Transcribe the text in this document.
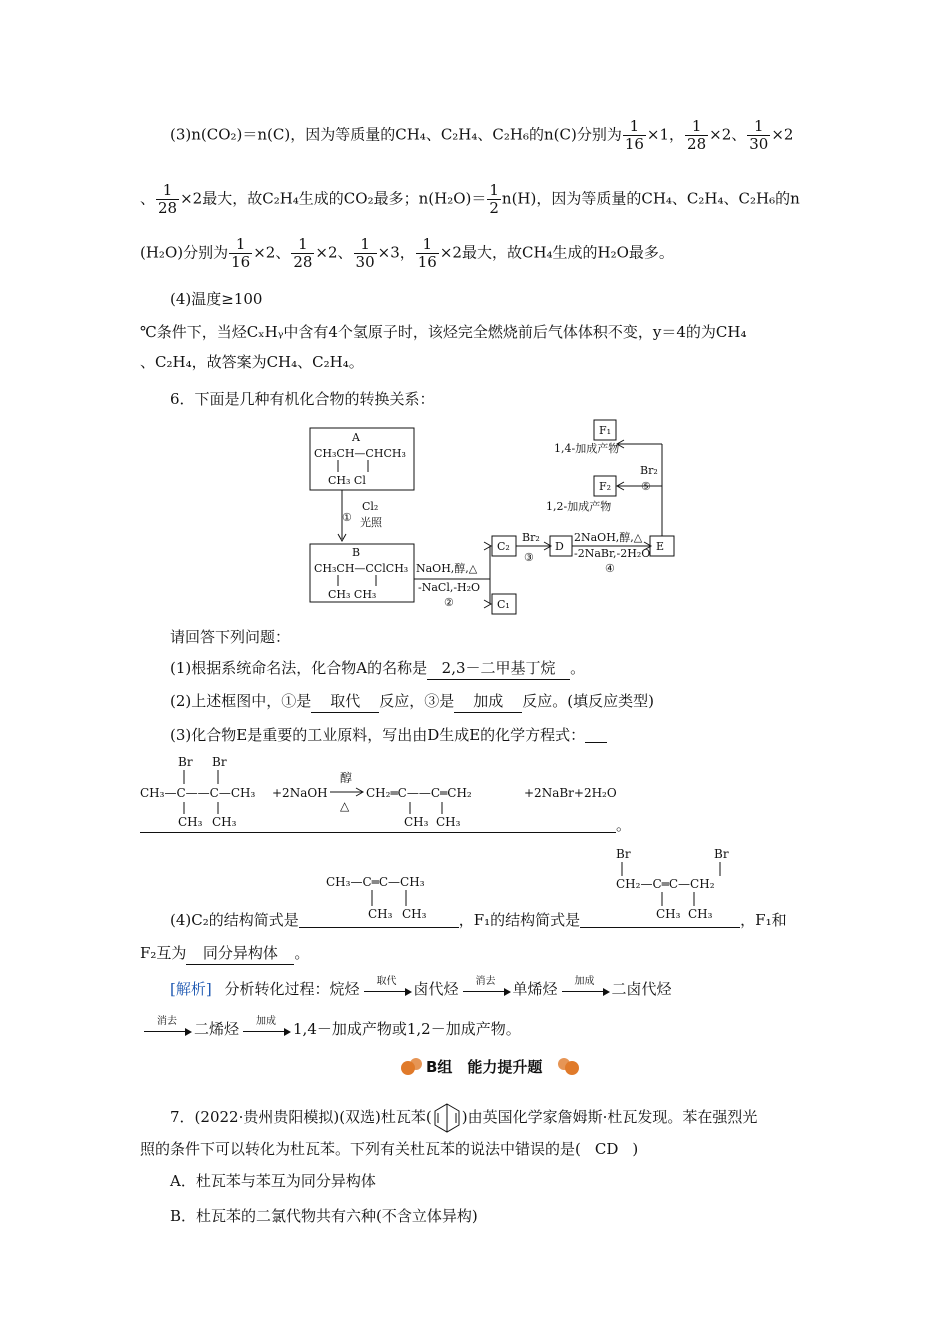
(3)n(CO₂)＝n(C)，因为等质量的CH₄、C₂H₄、C₂H₆的n(C)分别为 $\frac{1}{16} \times 1$， $\frac{1}{28} \times 2$、 $\frac{1}{30} \times 2$
、 $\frac{1}{28} \times 2$最大，故C₂H₄生成的CO₂最多；$n(H_2O)= \frac{1}{2} n(H)$，因为等质量的CH₄、C₂H₄、C₂H₆的n
(H₂O)分别为 $\frac{1}{16} \times 2$、 $\frac{1}{28} \times 2$、 $\frac{1}{30} \times 3$， $\frac{1}{16} \times 2$最大，故CH₄生成的H₂O最多。
(4)温度≥100
℃条件下，当烃CₓHᵧ中含有4个氢原子时，该烃完全燃烧前后气体体积不变，y＝4的为CH₄
、C₂H₄，故答案为CH₄、C₂H₄。
6．下面是几种有机化合物的转换关系：
A
CH₃CH—CHCH₃
CH₃ Cl
B
CH₃CH—CClCH₃
CH₃ CH₃
①
Cl₂
光照
NaOH,醇,△
-NaCl,-H₂O
②
C₂
C₁
Br₂
③
D
2NaOH,醇,△
-2NaBr,-2H₂O
④
E
Br₂
⑤
F₁
F₂
1,4-加成产物
1,2-加成产物
请回答下列问题：
(1)根据系统命名法，化合物A的名称是 2,3－二甲基丁烷 。
(2)上述框图中，①是 取代 反应，③是 加成 反应。(填反应类型)
(3)化合物E是重要的工业原料，写出由D生成E的化学方程式：
CH₃—C——C—CH₃
Br Br
CH₃ CH₃
+2NaOH
醇
△
CH₂═C——C═CH₂
CH₃ CH₃
+2NaBr+2H₂O
。
CH₃—C═C—CH₃
CH₃ CH₃
Br	Br
CH₂—C═C—CH₂
CH₃ CH₃
(4)C₂的结构简式是	，F₁的结构简式是	，F₁和
F₂互为 同分异构体 。
[解析] 分析转化过程：烷烃	取代	卤代烃	消去	单烯烃	加成	二卤代烃
消去	二烯烃	加成	1,4－加成产物或1,2－加成产物。
B组　能力提升题
7．(2022·贵州贵阳模拟)(双选)杜瓦苯( )由英国化学家詹姆斯·杜瓦发现。苯在强烈光
照的条件下可以转化为杜瓦苯。下列有关杜瓦苯的说法中错误的是( CD )
A．杜瓦苯与苯互为同分异构体
B．杜瓦苯的二氯代物共有六种(不含立体异构)
